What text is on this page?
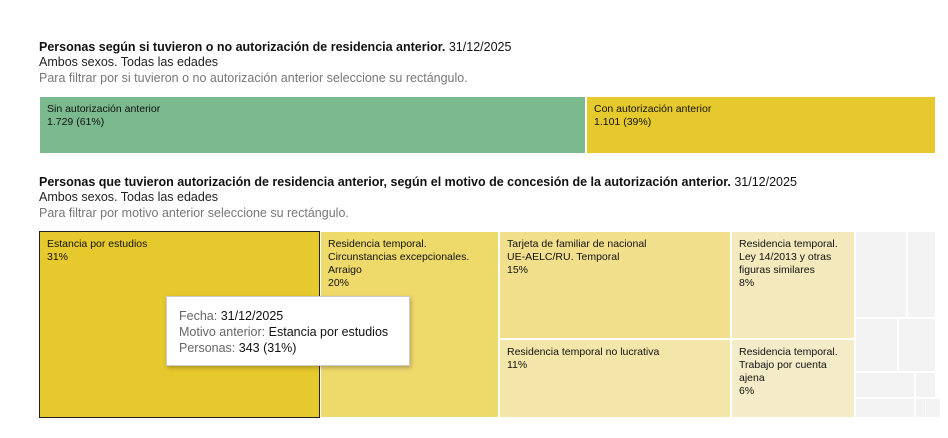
Personas según si tuvieron o no autorización de residencia anterior. 31/12/2025
Ambos sexos. Todas las edades
Para filtrar por si tuvieron o no autorización anterior seleccione su rectángulo.
Sin autorización anterior
1.729 (61%)
Con autorización anterior
1.101 (39%)
Personas que tuvieron autorización de residencia anterior, según el motivo de concesión de la autorización anterior. 31/12/2025
Ambos sexos. Todas las edades
Para filtrar por motivo anterior seleccione su rectángulo.
Estancia por estudios
31%
Residencia temporal.
Circunstancias excepcionales.
Arraigo
20%
Tarjeta de familiar de nacional
UE-AELC/RU. Temporal
15%
Residencia temporal no lucrativa
11%
Residencia temporal.
Ley 14/2013 y otras
figuras similares
8%
Residencia temporal.
Trabajo por cuenta
ajena
6%
Fecha: 31/12/2025
Motivo anterior: Estancia por estudios
Personas: 343 (31%)
